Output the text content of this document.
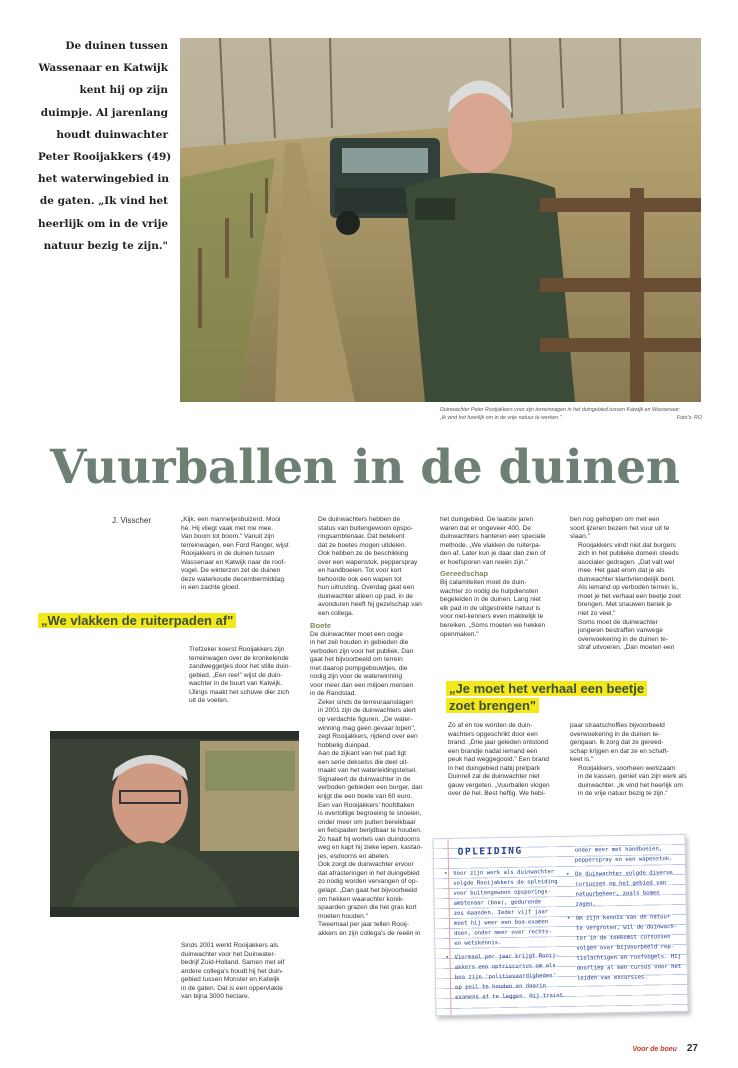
De duinen tussen
Wassenaar en Katwijk
kent hij op zijn
duimpje. Al jarenlang
houdt duinwachter
Peter Rooijakkers (49)
het waterwingebied in
de gaten. „Ik vind het
heerlijk om in de vrije
natuur bezig te zijn."
Duinwachter Peter Rooijakkers voor zijn terreinwagen in het duingebied tussen Katwijk en Wassenaar:
„Ik vind het heerlijk om in de vrije natuur te werken."	Foto's: RO
Vuurballen in de duinen
J. Visscher	„Kijk, een mannetjesbuizerd. Mooi
hè. Hij vliegt vaak met me mee.
Van boom tot boom." Vanuit zijn
terreinwagen, een Ford Ranger, wijst
Rooijakkers in de duinen tussen
Wassenaar en Katwijk naar de roof-
vogel. De winterzon zet de duinen
deze waterkoude decembermiddag
in een zachte gloed.

„We vlakken de ruiterpaden af"

Trefzeker koerst Rooijakkers zijn
terreinwagen over de kronkelende
zandweggetjes door het stille duin-
gebied. „Een ree!" wijst de duin-
wachter in de buurt van Katwijk.
IJlings maakt het schuwe dier zich
uit de voeten.

Sinds 2001 werkt Rooijakkers als
duinwachter voor het Duinwater-
bedrijf Zuid-Holland. Samen met elf
andere collega's houdt hij het duin-
gebied tussen Monster en Katwijk
in de gaten. Dat is een oppervlakte
van bijna 3000 hectare.

De duinwachters hebben de
status van buitengewoon opspo-
ringsambtenaar. Dat betekent
dat ze boetes mogen uitdelen.
Ook hebben ze de beschikking
over een wapenstok, pepperspray
en handboeien. Tot voor kort
behoorde ook een wapen tot
hun uitrusting. Overdag gaat een
duinwachter alleen op pad, in de
avonduren heeft hij gezelschap van
een collega.

Boete

De duinwachter moet een oogje
in het zeil houden in gebieden die
verboden zijn voor het publiek. Dan
gaat het bijvoorbeeld om terrein
met daarop pompgebouwtjes, die
nodig zijn voor de waterwinning
voor meer dan een miljoen mensen
in de Randstad.

Zeker sinds de terreuraanslagen
in 2001 zijn de duinwachters alert
op verdachte figuren. „De water-
winning mag geen gevaar lopen",
zegt Rooijakkers, rijdend over een
hobbelig duinpad.

Aan de zijkant van het pad ligt
een serie dekselss die deel uit-
maakt van het waterleidingstelsel.
Signaleert de duinwachter in de
verboden gebieden een burger, dan
krijgt die een boete van 60 euro.

Een van Rooijakkers' hoofdtaken
is overtollige begroeiing te snoeien,
onder meer om putten bereikbaar
en fietspaden berijdbaar te houden.
Zo haalt hij wortels van duindoorns
weg en kapt hij zieke iepen, kastan-
jes, esdoorns en abelen.

Ook zorgt de duinwachter ervoor
dat afrasteringen in het duingebied
zo nodig worden vervangen of op-
gelapt. „Dan gaat het bijvoorbeeld
om hekken waarachter konik-
spaarden grazen die het gras kort
moeten houden."

Tweemaal per jaar tellen Rooij-
akkers en zijn collega's de reeën in

het duingebied. De laatste jaren
waren dat er ongeveer 400. De
duinwachters hanteren een speciale
methode. „We vlakken de ruiterpa-
den af. Later kun je daar dan zien of
er hoefsporen van reeën zijn."

Gereedschap

Bij calamiteiten moet de duin-
wachter zo nodig de hulpdiensten
begeleiden in de duinen. Lang niet
elk pad in de uitgestrekte natuur is
voor niet-kenners even makkelijk te
bereiken. „Soms moeten we hekken
openmaken."

„Je moet het verhaal een beetje
zoet brengen"

Zo af en toe worden de duin-
wachters opgeschrikt door een
brand. „Drie jaar geleden ontstond
een brandje nadat iemand een
peuk had weggegooid." Een brand
in het duingebied nabij pretpark
Duinrell zal de duinwachter niet
gauw vergeten. „Vuurballen vlogen
over de hel. Best heftig. We hebi-

ben nog geholpen om met een
soort ijzeren bezem het vuur uit te
slaan."

Rooijakkers vindt niet dat burgers
zich in het publieke domein steeds
asocialer gedragen. „Dat valt wel
mee. Het gaat erom dat je als
duinwachter klantvriendelijk bent.
Als iemand op verboden terrein is,
moet je het verhaal een beetje zoet
brengen. Met snauwen bereik je
niet zo veel."

Soms moet de duinwachter
jongeren bestraffen vanwege
overwoekering in de duinen te-
straf uitvoeren. „Dan moeten een

paar straatschoffies bijvoorbeeld
overwoekering in de duinen te-
gengaan. Ik zorg dat ze gereed-
schap krijgen en dat ze en schaft-
keet is."

Rooijakkers, voorheen werkzaam
in de kassen, geniet van zijn werk als
duinwachter. „Ik vind het heerlijk om
in de vrije natuur bezig te zijn."

OPLEIDING
• Voor zijn werk als duinwachter
volgde Rooijakkers de opleiding
voor buitengewoon opsporings-
ambtenaar (boa), gedurende
zes maanden. Ieder vijf jaar
moet hij weer een boa-examen
doen, onder meer over rechts-
en wetskennis.
• Viermaal per jaar krijgt Rooij-
akkers een opfriscursus om als
boa zijn 'politievaardigheden'
op peil te houden en daarin
examens af te leggen. Hij traint
onder meer met handboeien,
pepperspray en een wapenstok.
• De duinwachter volgde diverse
cursussen op het gebied van
natuurbeheer, zoals bomen
zagen.
• Om zijn kennis van de natuur
te vergroten, wil de duinwach-
ter in de toekomst cursussen
volgen over bijvoorbeeld rep-
tielachtigen en roofvogels. Hij
doorliep al een cursus voor het
leiden van excursies.
Voor de boeu 27
